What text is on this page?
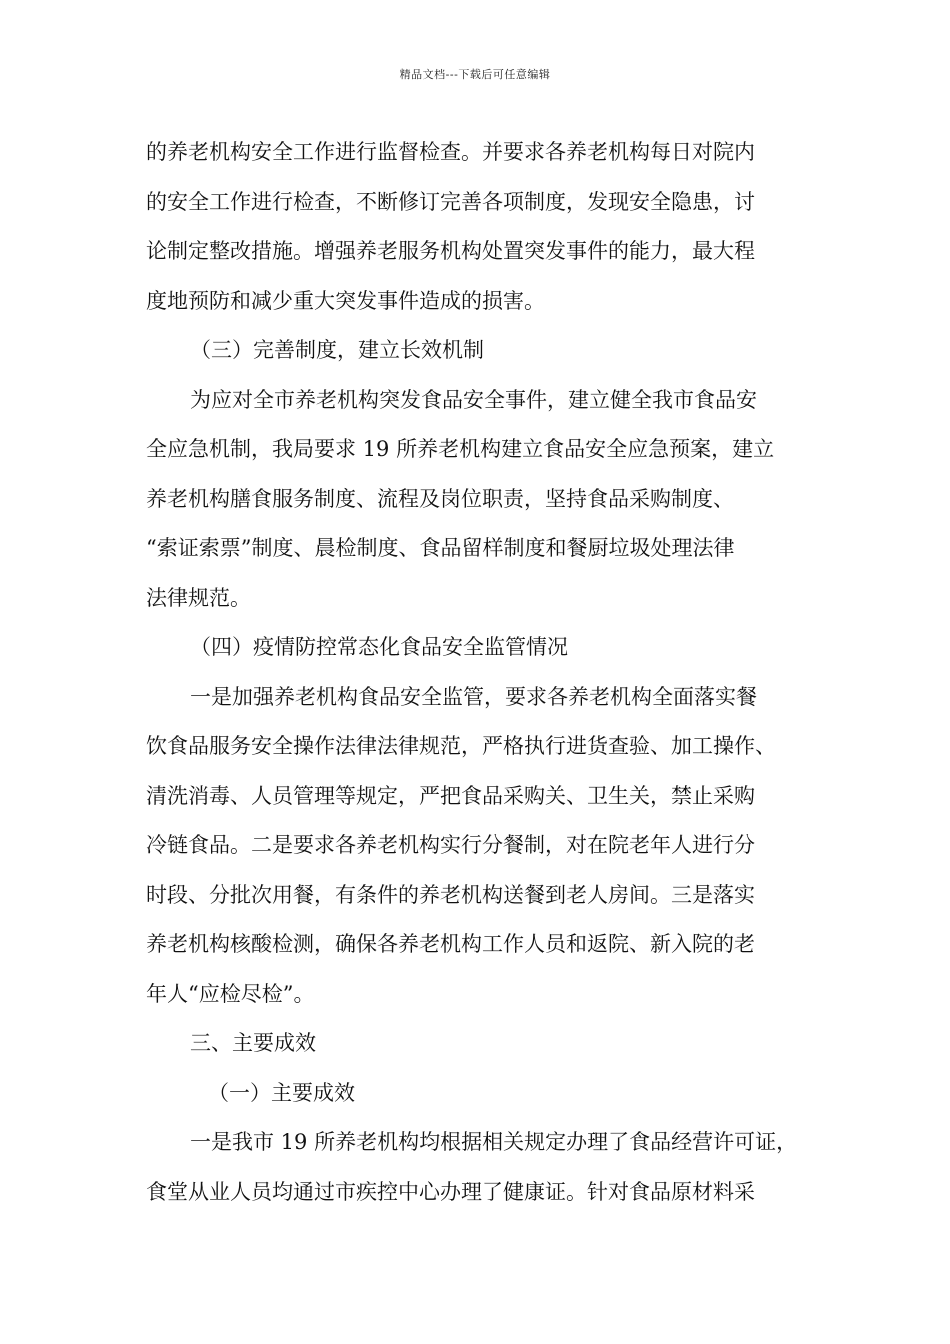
精品文档---下载后可任意编辑
的养老机构安全工作进行监督检查。并要求各养老机构每日对院内
的安全工作进行检查，不断修订完善各项制度，发现安全隐患，讨
论制定整改措施。增强养老服务机构处置突发事件的能力，最大程
度地预防和减少重大突发事件造成的损害。
（三）完善制度，建立长效机制
为应对全市养老机构突发食品安全事件，建立健全我市食品安
全应急机制，我局要求 19 所养老机构建立食品安全应急预案，建立
养老机构膳食服务制度、流程及岗位职责，坚持食品采购制度、
“索证索票”制度、晨检制度、食品留样制度和餐厨垃圾处理法律
法律规范。
（四）疫情防控常态化食品安全监管情况
一是加强养老机构食品安全监管，要求各养老机构全面落实餐
饮食品服务安全操作法律法律规范，严格执行进货查验、加工操作、
清洗消毒、人员管理等规定，严把食品采购关、卫生关，禁止采购
冷链食品。二是要求各养老机构实行分餐制，对在院老年人进行分
时段、分批次用餐，有条件的养老机构送餐到老人房间。三是落实
养老机构核酸检测，确保各养老机构工作人员和返院、新入院的老
年人“应检尽检”。
三、主要成效
（一）主要成效
一是我市 19 所养老机构均根据相关规定办理了食品经营许可证，
食堂从业人员均通过市疾控中心办理了健康证。针对食品原材料采
